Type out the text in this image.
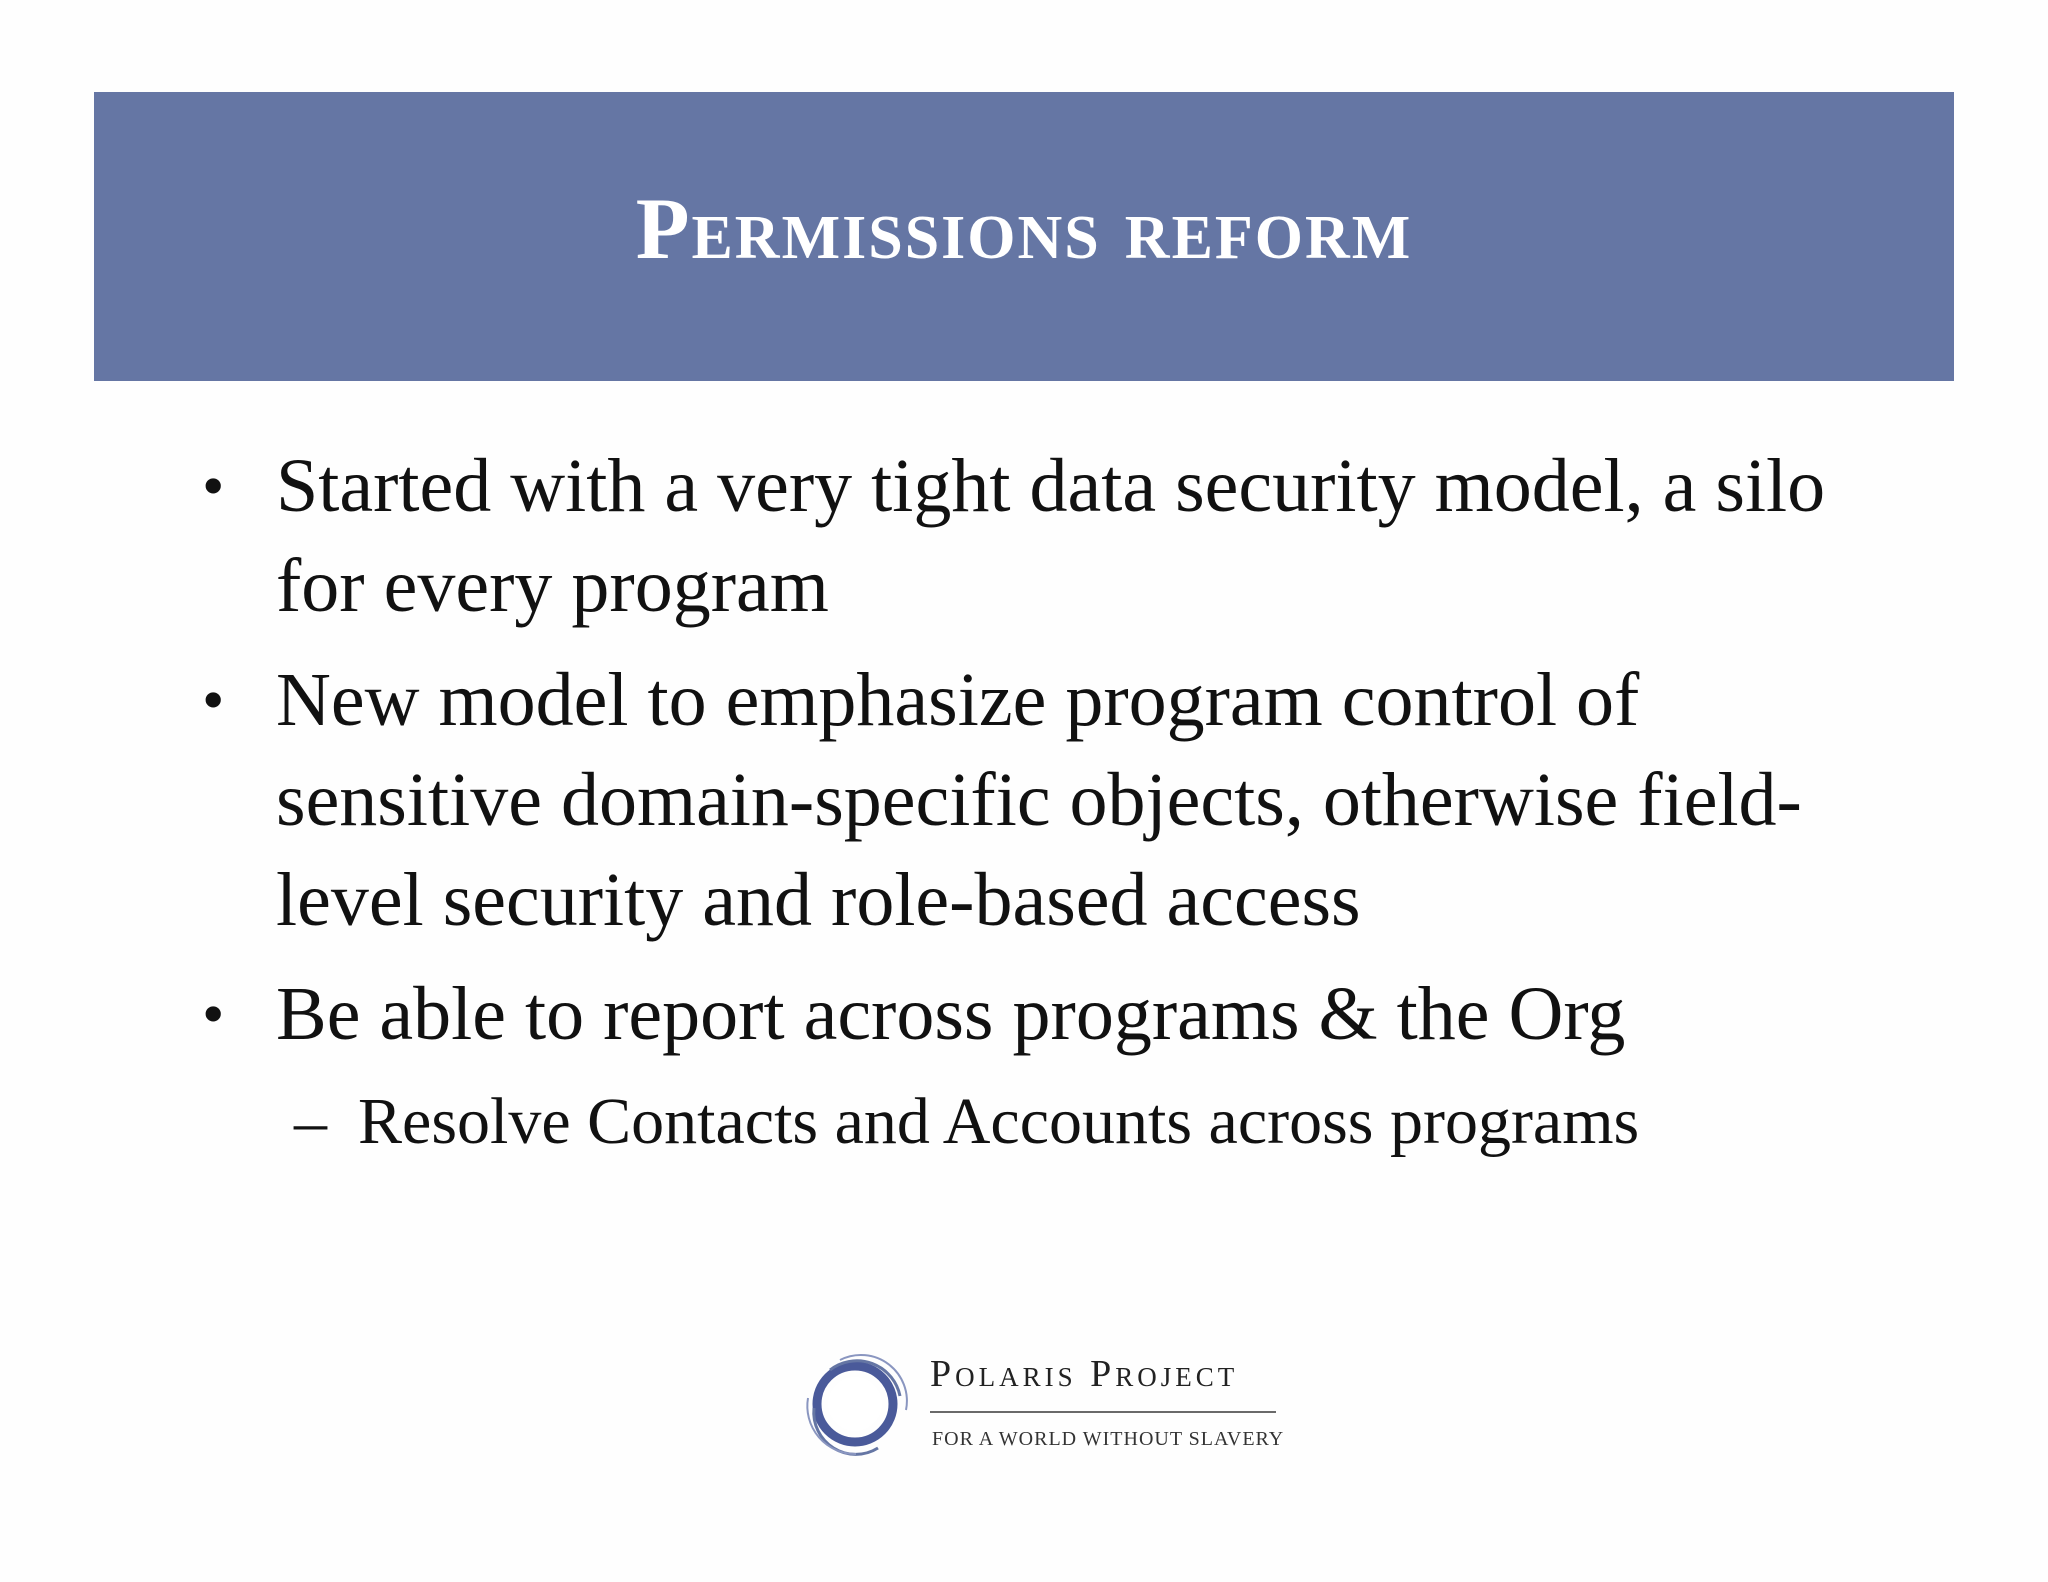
Permissions reform
• Started with a very tight data security model, a silo for every program
• New model to emphasize program control of sensitive domain-specific objects, otherwise field-level security and role-based access
• Be able to report across programs & the Org
– Resolve Contacts and Accounts across programs
Polaris Project
FOR A WORLD WITHOUT SLAVERY
